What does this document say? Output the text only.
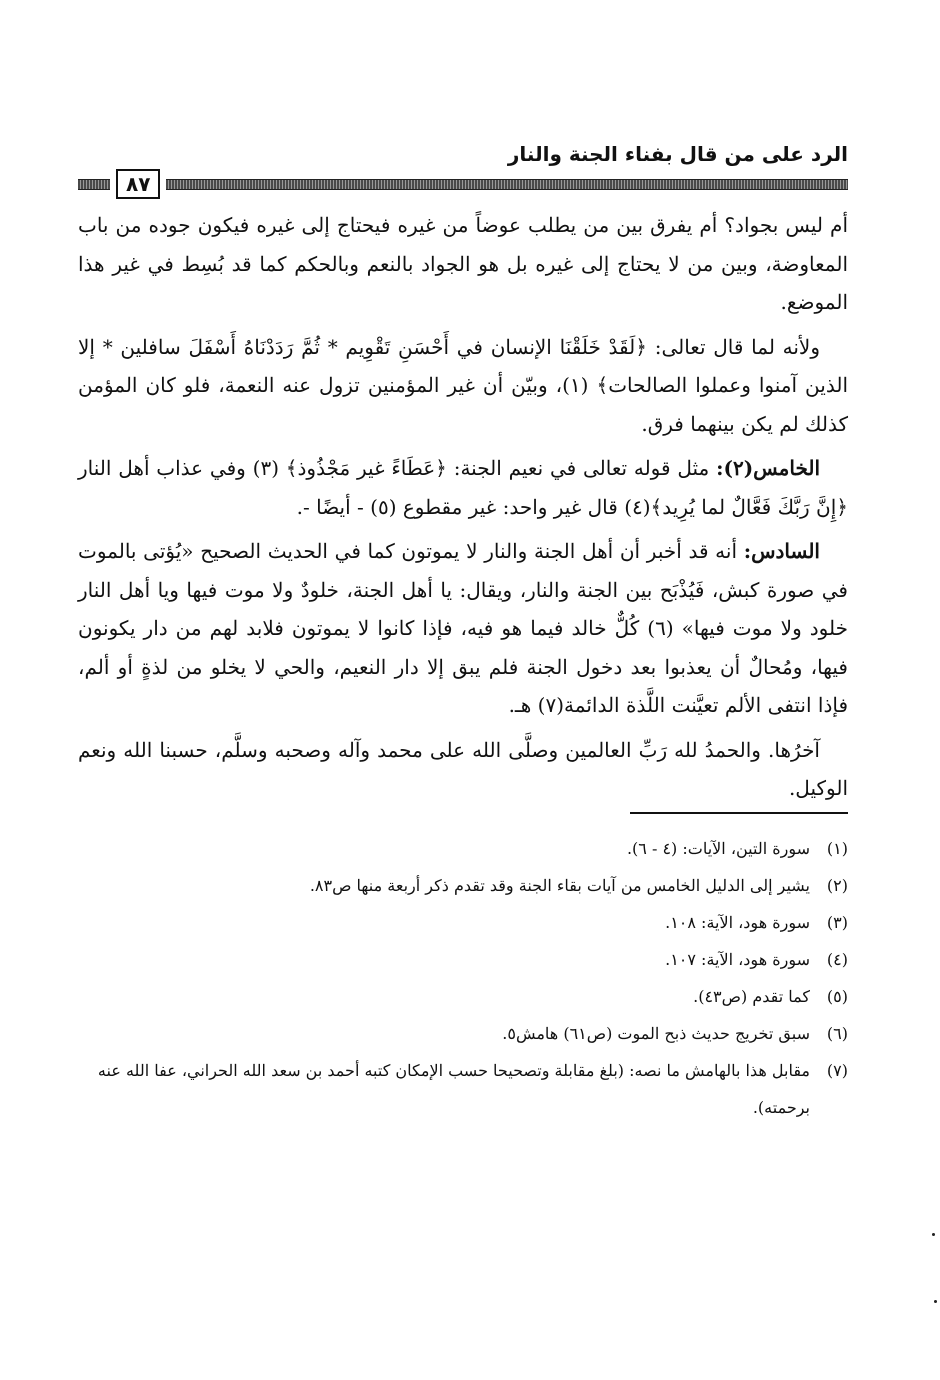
الرد على من قال بفناء الجنة والنار
٨٧

أم ليس بجواد؟ أم يفرق بين من يطلب عوضاً من غيره فيحتاج إلى غيره فيكون جوده من باب المعاوضة، وبين من لا يحتاج إلى غيره بل هو الجواد بالنعم وبالحكم كما قد بُسِط في غير هذا الموضع.

ولأنه لما قال تعالى: ﴿لَقَدْ خَلَقْنَا الإنسان في أَحْسَنِ تَقْوِيم * ثُمَّ رَدَدْنَاهُ أَسْفَلَ سافلين * إلا الذين آمنوا وعملوا الصالحات﴾ (١)، وبيّن أن غير المؤمنين تزول عنه النعمة، فلو كان المؤمن كذلك لم يكن بينهما فرق.

الخامس(٢): مثل قوله تعالى في نعيم الجنة: ﴿عَطَاءً غير مَجْذُوذ﴾ (٣) وفي عذاب أهل النار ﴿إِنَّ رَبَّكَ فَعَّالٌ لما يُرِيد﴾(٤) قال غير واحد: غير مقطوع (٥) - أيضًا -.

السادس: أنه قد أخبر أن أهل الجنة والنار لا يموتون كما في الحديث الصحيح «يُؤتى بالموت في صورة كبش، فَيُذْبَح بين الجنة والنار، ويقال: يا أهل الجنة، خلودٌ ولا موت فيها ويا أهل النار خلود ولا موت فيها» (٦) كُلٌّ خالد فيما هو فيه، فإذا كانوا لا يموتون فلابد لهم من دار يكونون فيها، ومُحالٌ أن يعذبوا بعد دخول الجنة فلم يبق إلا دار النعيم، والحي لا يخلو من لذةٍ أو ألم، فإذا انتفى الألم تعيَّنت اللَّذة الدائمة(٧) هـ.

آخرُها. والحمدُ لله رَبِّ العالمين وصلَّى الله على محمد وآله وصحبه وسلَّم، حسبنا الله ونعم الوكيل.

(١)
سورة التين، الآيات: (٤ - ٦).
(٢)
يشير إلى الدليل الخامس من آيات بقاء الجنة وقد تقدم ذكر أربعة منها ص٨٣.
(٣)
سورة هود، الآية: ١٠٨.
(٤)
سورة هود، الآية: ١٠٧.
(٥)
كما تقدم (ص٤٣).
(٦)
سبق تخريج حديث ذبح الموت (ص٦١) هامش٥.
(٧)
مقابل هذا بالهامش ما نصه: (بلغ مقابلة وتصحيحا حسب الإمكان كتبه أحمد بن سعد الله الحراني، عفا الله عنه برحمته).
